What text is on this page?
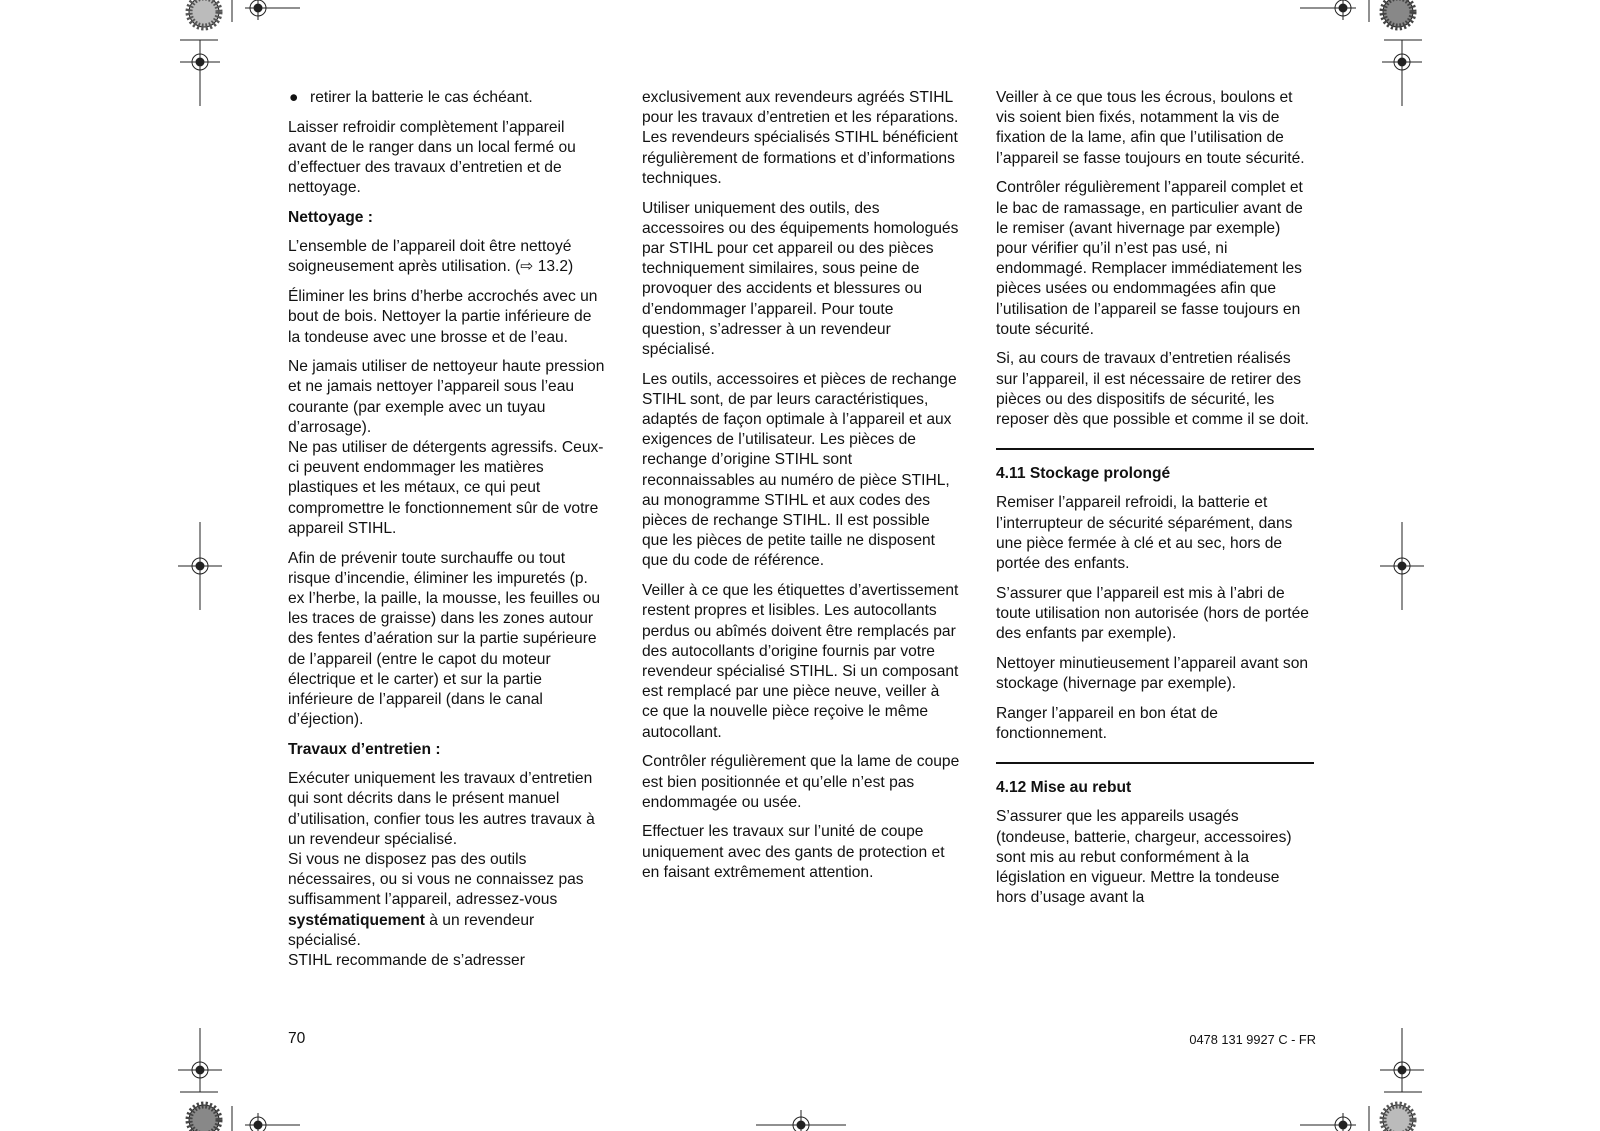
● retirer la batterie le cas échéant.

Laisser refroidir complètement l’appareil avant de le ranger dans un local fermé ou d’effectuer des travaux d’entretien et de nettoyage.

Nettoyage :

L’ensemble de l’appareil doit être nettoyé soigneusement après utilisation. (⇨ 13.2)

Éliminer les brins d’herbe accrochés avec un bout de bois. Nettoyer la partie inférieure de la tondeuse avec une brosse et de l’eau.

Ne jamais utiliser de nettoyeur haute pression et ne jamais nettoyer l’appareil sous l’eau courante (par exemple avec un tuyau d’arrosage).
Ne pas utiliser de détergents agressifs. Ceux-ci peuvent endommager les matières plastiques et les métaux, ce qui peut compromettre le fonctionnement sûr de votre appareil STIHL.

Afin de prévenir toute surchauffe ou tout risque d’incendie, éliminer les impuretés (p. ex l’herbe, la paille, la mousse, les feuilles ou les traces de graisse) dans les zones autour des fentes d’aération sur la partie supérieure de l’appareil (entre le capot du moteur électrique et le carter) et sur la partie inférieure de l’appareil (dans le canal d’éjection).

Travaux d’entretien :

Exécuter uniquement les travaux d’entretien qui sont décrits dans le présent manuel d’utilisation, confier tous les autres travaux à un revendeur spécialisé.
Si vous ne disposez pas des outils nécessaires, ou si vous ne connaissez pas suffisamment l’appareil, adressez-vous systématiquement à un revendeur spécialisé.
STIHL recommande de s’adresser

exclusivement aux revendeurs agréés STIHL pour les travaux d’entretien et les réparations.
Les revendeurs spécialisés STIHL bénéficient régulièrement de formations et d’informations techniques.

Utiliser uniquement des outils, des accessoires ou des équipements homologués par STIHL pour cet appareil ou des pièces techniquement similaires, sous peine de provoquer des accidents et blessures ou d’endommager l’appareil. Pour toute question, s’adresser à un revendeur spécialisé.

Les outils, accessoires et pièces de rechange STIHL sont, de par leurs caractéristiques, adaptés de façon optimale à l’appareil et aux exigences de l’utilisateur. Les pièces de rechange d’origine STIHL sont reconnaissables au numéro de pièce STIHL, au monogramme STIHL et aux codes des pièces de rechange STIHL. Il est possible que les pièces de petite taille ne disposent que du code de référence.

Veiller à ce que les étiquettes d’avertissement restent propres et lisibles. Les autocollants perdus ou abîmés doivent être remplacés par des autocollants d’origine fournis par votre revendeur spécialisé STIHL. Si un composant est remplacé par une pièce neuve, veiller à ce que la nouvelle pièce reçoive le même autocollant.

Contrôler régulièrement que la lame de coupe est bien positionnée et qu’elle n’est pas endommagée ou usée.

Effectuer les travaux sur l’unité de coupe uniquement avec des gants de protection et en faisant extrêmement attention.

Veiller à ce que tous les écrous, boulons et vis soient bien fixés, notamment la vis de fixation de la lame, afin que l’utilisation de l’appareil se fasse toujours en toute sécurité.

Contrôler régulièrement l’appareil complet et le bac de ramassage, en particulier avant de le remiser (avant hivernage par exemple) pour vérifier qu’il n’est pas usé, ni endommagé. Remplacer immédiatement les pièces usées ou endommagées afin que l’utilisation de l’appareil se fasse toujours en toute sécurité.

Si, au cours de travaux d’entretien réalisés sur l’appareil, il est nécessaire de retirer des pièces ou des dispositifs de sécurité, les reposer dès que possible et comme il se doit.

4.11 Stockage prolongé

Remiser l’appareil refroidi, la batterie et l’interrupteur de sécurité séparément, dans une pièce fermée à clé et au sec, hors de portée des enfants.

S’assurer que l’appareil est mis à l’abri de toute utilisation non autorisée (hors de portée des enfants par exemple).

Nettoyer minutieusement l’appareil avant son stockage (hivernage par exemple).

Ranger l’appareil en bon état de fonctionnement.

4.12 Mise au rebut

S’assurer que les appareils usagés (tondeuse, batterie, chargeur, accessoires) sont mis au rebut conformément à la législation en vigueur. Mettre la tondeuse hors d’usage avant la

70	0478 131 9927 C - FR
